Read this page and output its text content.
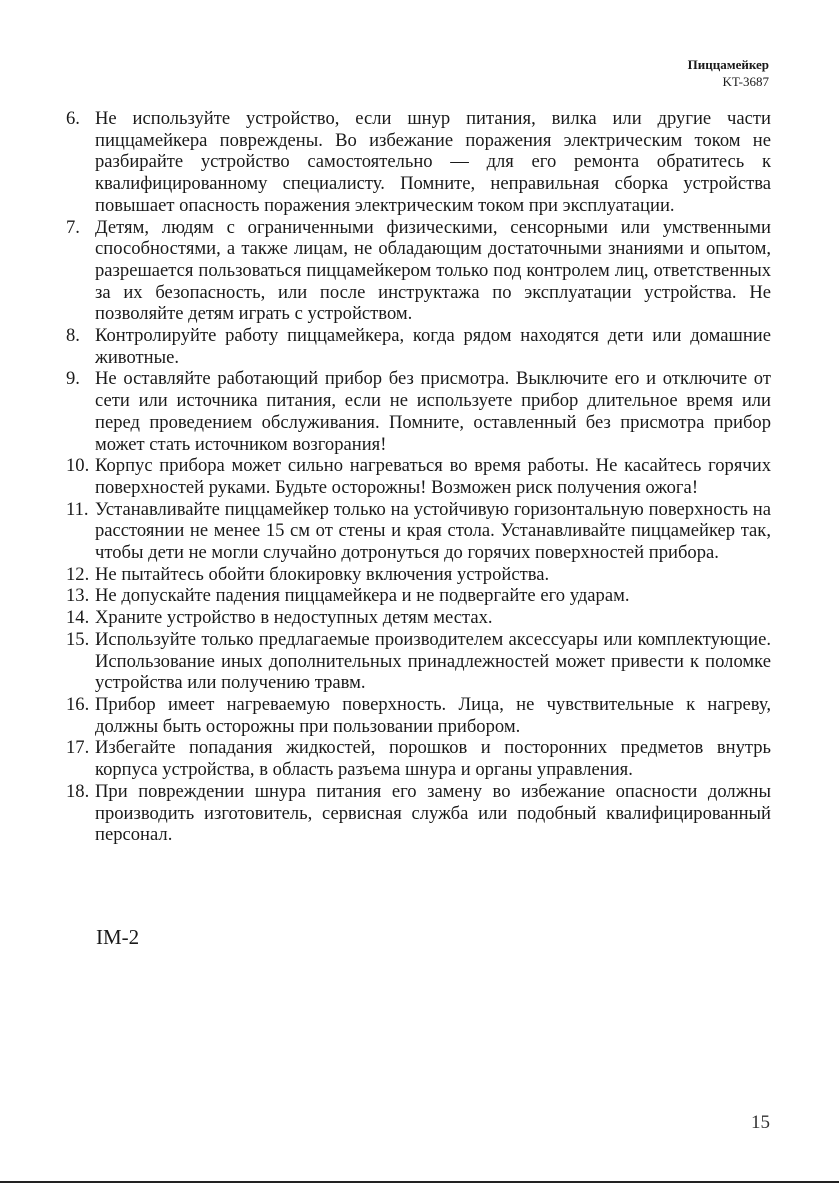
Пиццамейкер
KT-3687
6. Не используйте устройство, если шнур питания, вилка или другие части пиццамейкера повреждены. Во избежание поражения электрическим током не разбирайте устройство самостоятельно — для его ремонта обратитесь к квалифицированному специалисту. Помните, неправильная сборка устройства повышает опасность поражения электрическим током при эксплуатации.
7. Детям, людям с ограниченными физическими, сенсорными или умственными способностями, а также лицам, не обладающим достаточными знаниями и опытом, разрешается пользоваться пиццамейкером только под контролем лиц, ответственных за их безопасность, или после инструктажа по эксплуатации устройства. Не позволяйте детям играть с устройством.
8. Контролируйте работу пиццамейкера, когда рядом находятся дети или домашние животные.
9. Не оставляйте работающий прибор без присмотра. Выключите его и отключите от сети или источника питания, если не используете прибор длительное время или перед проведением обслуживания. Помните, оставленный без присмотра прибор может стать источником возгорания!
10. Корпус прибора может сильно нагреваться во время работы. Не касайтесь горячих поверхностей руками. Будьте осторожны! Возможен риск получения ожога!
11. Устанавливайте пиццамейкер только на устойчивую горизонтальную поверхность на расстоянии не менее 15 см от стены и края стола. Устанавливайте пиццамейкер так, чтобы дети не могли случайно дотронуться до горячих поверхностей прибора.
12. Не пытайтесь обойти блокировку включения устройства.
13. Не допускайте падения пиццамейкера и не подвергайте его ударам.
14. Храните устройство в недоступных детям местах.
15. Используйте только предлагаемые производителем аксессуары или комплектующие. Использование иных дополнительных принадлежностей может привести к поломке устройства или получению травм.
16. Прибор имеет нагреваемую поверхность. Лица, не чувствительные к нагреву, должны быть осторожны при пользовании прибором.
17. Избегайте попадания жидкостей, порошков и посторонних предметов внутрь корпуса устройства, в область разъема шнура и органы управления.
18. При повреждении шнура питания его замену во избежание опасности должны производить изготовитель, сервисная служба или подобный квалифицированный персонал.
IM-2
15
